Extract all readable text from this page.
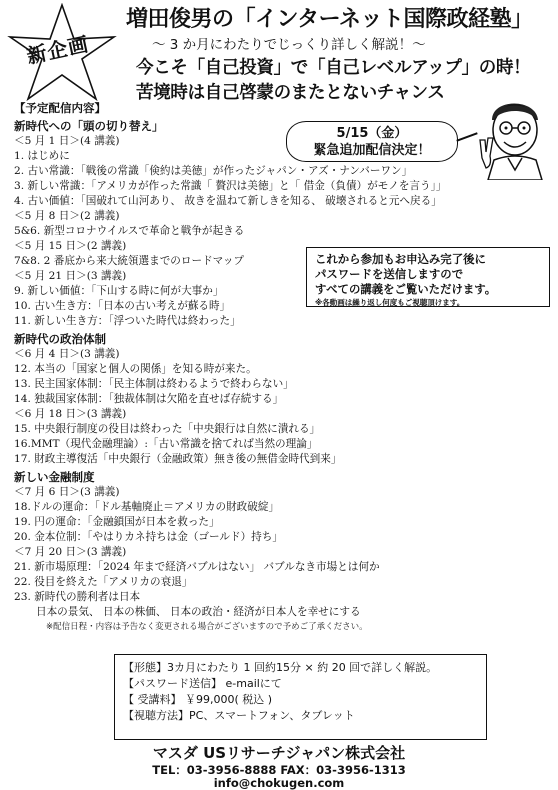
新企画
増田俊男の「インターネット国際政経塾」
～ 3 か月にわたりでじっくり詳しく解説！～
今こそ「自己投資」で「自己レベルアップ」の時！
苦境時は自己啓蒙のまたとないチャンス
5/15（金）
緊急追加配信決定！
これから参加もお申込み完了後に
パスワードを送信しますので
すべての講義をご覧いただけます。
※各動画は繰り返し何度もご視聴頂けます。
【予定配信内容】
新時代への「頭の切り替え」
＜5 月 1 日＞(4 講義)
1. はじめに
2. 古い常識：「戦後の常識「倹約は美徳」が作ったジャパン・アズ・ナンバーワン」
3. 新しい常識：「アメリカが作った常識「 贅沢は美徳」と「 借金（負債）がモノを言う」」
4. 古い価値：「国破れて山河あり、 故きを温ねて新しきを知る、 破壊されると元へ戻る」
＜5 月 8 日＞(2 講義)
5&6. 新型コロナウイルスで革命と戦争が起きる
＜5 月 15 日＞(2 講義)
7&8. 2 番底から来大統領選までのロードマップ
＜5 月 21 日＞(3 講義)
9. 新しい価値：「下山する時に何が大事か」
10. 古い生き方：「日本の古い考えが蘇る時」
11. 新しい生き方：「浮ついた時代は終わった」
新時代の政治体制
＜6 月 4 日＞(3 講義)
12. 本当の「国家と個人の関係」を知る時が来た。
13. 民主国家体制：「民主体制は終わるようで終わらない」
14. 独裁国家体制：「独裁体制は欠陥を直せば存続する」
＜6 月 18 日＞(3 講義)
15. 中央銀行制度の役目は終わった「中央銀行は自然に潰れる」
16.MMT（現代金融理論）:「古い常識を捨てれば当然の理論」
17. 財政主導復活「中央銀行（金融政策）無き後の無借金時代到来」
新しい金融制度
＜7 月 6 日＞(3 講義)
18.ドルの運命：「ドル基軸廃止＝アメリカの財政破綻」
19. 円の運命：「金融鎖国が日本を救った」
20. 金本位制：「やはりカネ持ちは金（ゴールド）持ち」
＜7 月 20 日＞(3 講義)
21. 新市場原理：「2024 年まで経済バブルはない」 バブルなき市場とは何か
22. 役目を終えた「アメリカの衰退」
23. 新時代の勝利者は日本
日本の景気、 日本の株価、 日本の政治・経済が日本人を幸せにする
※配信日程・内容は予告なく変更される場合がございますので予めご了承ください。
【形態】3カ月にわたり 1 回約15分 × 約 20 回で詳しく解説。
【パスワード送信】 e-mailにて
【 受講料】 ￥99,000( 税込 )
【視聴方法】PC、スマートフォン、タブレット
マスダ USリサーチジャパン株式会社
TEL：03-3956-8888 FAX：03-3956-1313
info@chokugen.com
